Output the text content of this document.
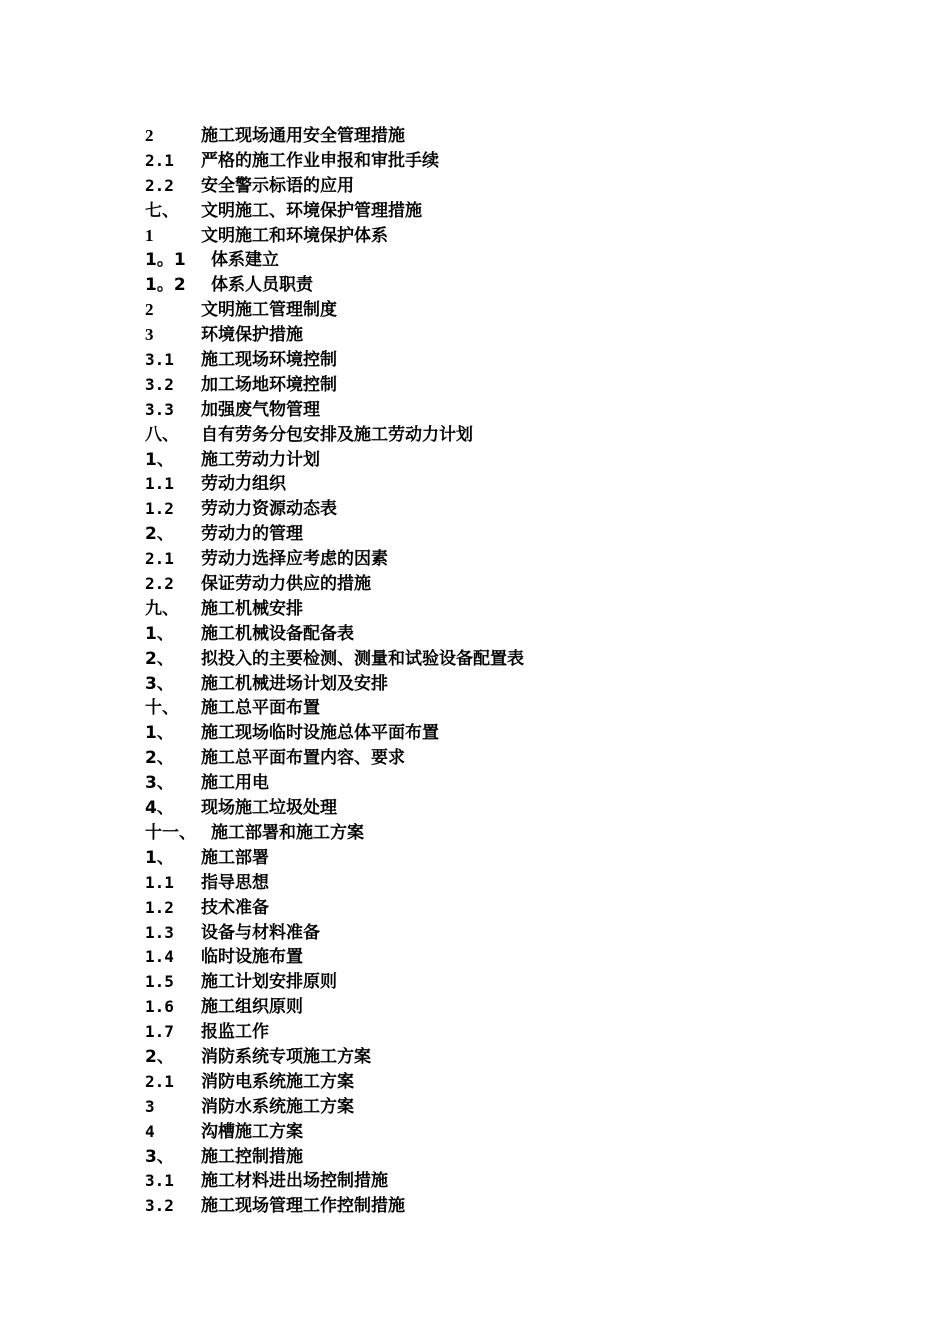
2	施工现场通用安全管理措施
2.1 严格的施工作业申报和审批手续
2.2 安全警示标语的应用
七、 文明施工、环境保护管理措施
1	文明施工和环境保护体系
1。1 体系建立
1。2 体系人员职责
2	文明施工管理制度
3	环境保护措施
3.1 施工现场环境控制
3.2 加工场地环境控制
3.3 加强废气物管理
八、 自有劳务分包安排及施工劳动力计划
1、 施工劳动力计划
1.1 劳动力组织
1.2 劳动力资源动态表
2、 劳动力的管理
2.1 劳动力选择应考虑的因素
2.2 保证劳动力供应的措施
九、 施工机械安排
1、 施工机械设备配备表
2、 拟投入的主要检测、测量和试验设备配置表
3、 施工机械进场计划及安排
十、 施工总平面布置
1、 施工现场临时设施总体平面布置
2、 施工总平面布置内容、要求
3、 施工用电
4、 现场施工垃圾处理
十一、 施工部署和施工方案
1、 施工部署
1.1 指导思想
1.2 技术准备
1.3 设备与材料准备
1.4 临时设施布置
1.5 施工计划安排原则
1.6 施工组织原则
1.7 报监工作
2、 消防系统专项施工方案
2.1 消防电系统施工方案
3	消防水系统施工方案
4	沟槽施工方案
3、 施工控制措施
3.1 施工材料进出场控制措施
3.2 施工现场管理工作控制措施
